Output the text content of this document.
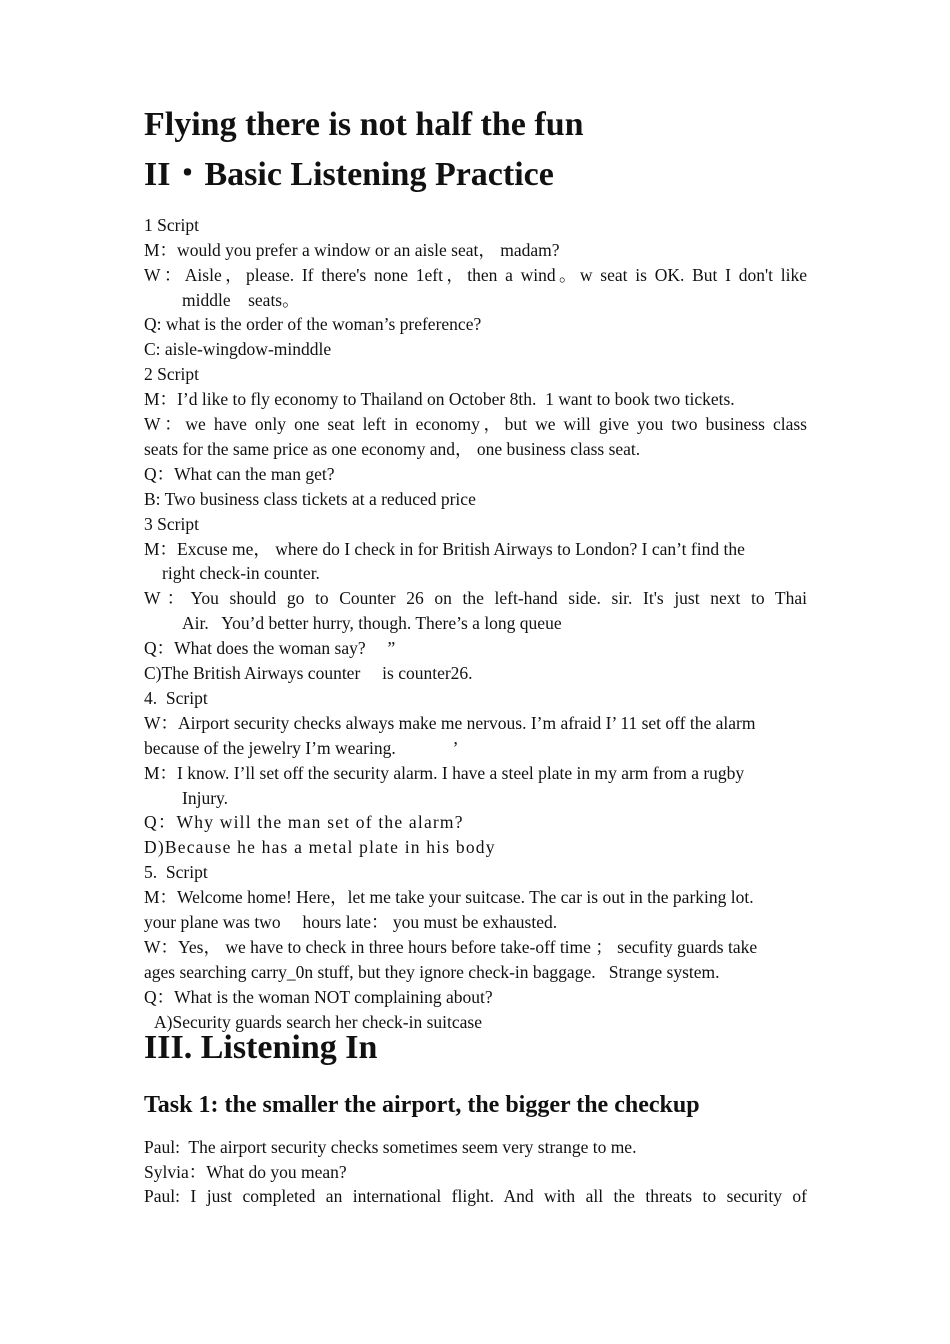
Flying there is not half the fun
II・Basic Listening Practice
1 Script
M：would you prefer a window or an aisle seat， madam?
W：Aisle，please. If there's none 1eft，then a wind。w seat is OK. But I don't like
middle    seats。
Q: what is the order of the woman’s preference?
C: aisle-wingdow-minddle
2 Script
M：I’d like to fly economy to Thailand on October 8th.  1 want to book two tickets.
W：we have only one seat left in economy，but we will give you two business class
seats for the same price as one economy and， one business class seat.
Q：What can the man get?
B: Two business class tickets at a reduced price
3 Script
M：Excuse me， where do I check in for British Airways to London? I can’t find the
right check-in counter.
W：You should go to Counter 26 on the left-hand side. sir. It's just next to Thai
Air.   You’d better hurry, though. There’s a long queue
Q：What does the woman say?     ”
C)The British Airways counter     is counter26.
4.  Script
W：Airport security checks always make me nervous. I’m afraid I’ 11 set off the alarm
because of the jewelry I’m wearing.             ’
M：I know. I’ll set off the security alarm. I have a steel plate in my arm from a rugby
Injury.
Q：Why will the man set of the alarm?
D)Because he has a metal plate in his body
5.  Script
M：Welcome home! Here，let me take your suitcase. The car is out in the parking lot.
your plane was two     hours late： you must be exhausted.
W：Yes， we have to check in three hours before take-off time ； secufity guards take
ages searching carry_0n stuff, but they ignore check-in baggage.   Strange system.
Q：What is the woman NOT complaining about?
A)Security guards search her check-in suitcase
III. Listening In
Task 1: the smaller the airport, the bigger the checkup
Paul:  The airport security checks sometimes seem very strange to me.
Sylvia：What do you mean?
Paul: I just completed an international flight. And with all the threats to security of
